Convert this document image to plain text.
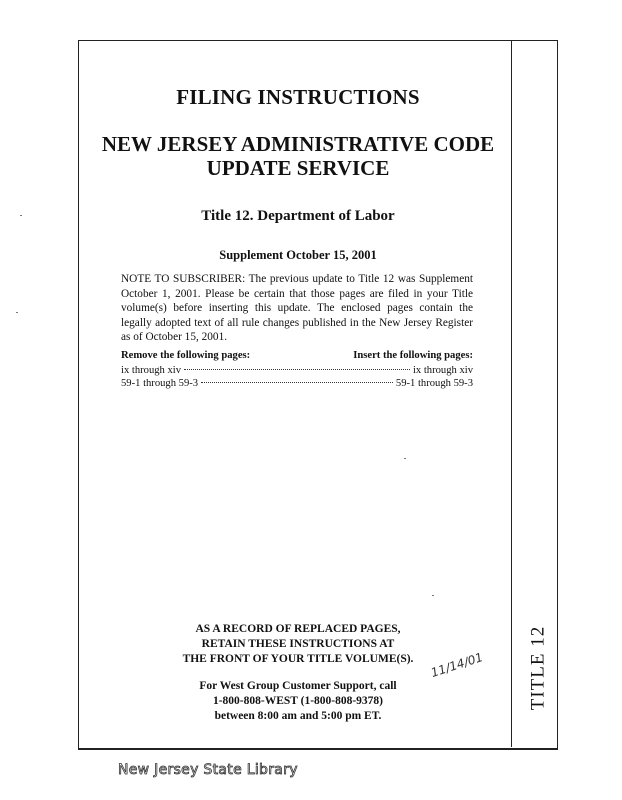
TITLE 12
FILING INSTRUCTIONS
NEW JERSEY ADMINISTRATIVE CODE
UPDATE SERVICE
Title 12. Department of Labor
Supplement October 15, 2001
NOTE TO SUBSCRIBER: The previous update to Title 12 was Supplement October 1, 2001. Please be certain that those pages are filed in your Title volume(s) before inserting this update. The enclosed pages contain the legally adopted text of all rule changes published in the New Jersey Register as of October 15, 2001.
Remove the following pages:	Insert the following pages:
ix through xiv	ix through xiv
59-1 through 59-3	59-1 through 59-3
AS A RECORD OF REPLACED PAGES,
RETAIN THESE INSTRUCTIONS AT
THE FRONT OF YOUR TITLE VOLUME(S).
For West Group Customer Support, call
1-800-808-WEST (1-800-808-9378)
between 8:00 am and 5:00 pm ET.
11/14/01
New Jersey State Library
